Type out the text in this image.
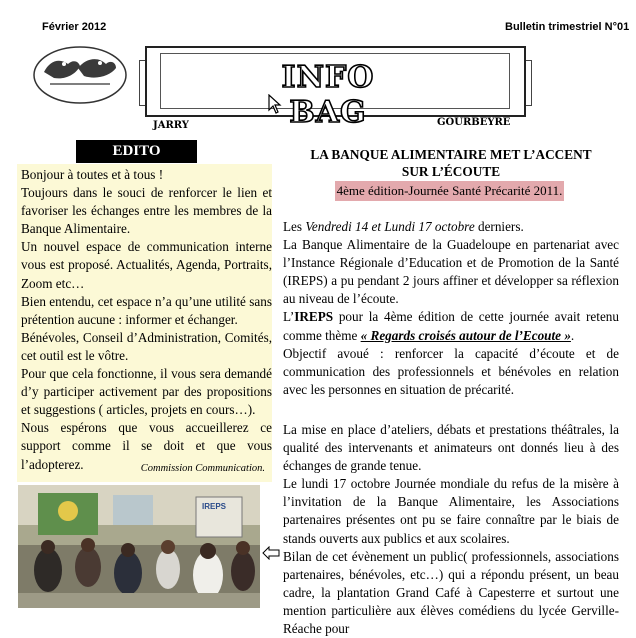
Février 2012	Bulletin trimestriel N°01
INFO BAG
JARRY	GOURBEYRE
EDITO

Bonjour à toutes et à tous !

Toujours dans le souci de renforcer le lien et favoriser les échanges entre les membres de la Banque Alimentaire.

Un nouvel espace de communication interne vous est proposé. Actualités, Agenda, Portraits, Zoom etc…

Bien entendu, cet espace n’a qu’une utilité sans prétention aucune : informer et échanger.

Bénévoles, Conseil d’Administration, Comités, cet outil est le vôtre.

Pour que cela fonctionne, il vous sera demandé d’y participer activement par des propositions et suggestions ( articles, projets en cours…).

Nous espérons que vous accueillerez ce support comme il se doit et que vous l’adopterez.	Commission Communication.
IREPS
LA BANQUE ALIMENTAIRE MET L’ACCENT
SUR L’ÉCOUTE
4ème édition-Journée Santé Précarité 2011.

Les Vendredi 14 et Lundi 17 octobre derniers.

La Banque Alimentaire de la Guadeloupe en partenariat avec l’Instance Régionale d’Education et de Promotion de la Santé (IREPS) a pu pendant 2 jours affiner et développer sa réflexion au niveau de l’écoute.

L’IREPS pour la 4ème édition de cette journée avait retenu comme thème « Regards croisés autour de l’Ecoute ».

Objectif avoué : renforcer la capacité d’écoute et de communication des professionnels et bénévoles en relation avec les personnes en situation de précarité.

La mise en place d’ateliers, débats et prestations théâtrales, la qualité des intervenants et animateurs ont donnés lieu à des échanges de grande tenue.

Le lundi 17 octobre Journée mondiale du refus de la misère à l’invitation de la Banque Alimentaire, les Associations partenaires présentes ont pu se faire connaître par le biais de stands ouverts aux publics et aux scolaires.

Bilan de cet évènement un public( professionnels, associations partenaires, bénévoles, etc…) qui a répondu présent, un beau cadre, la plantation Grand Café à Capesterre et surtout une mention particulière aux élèves comédiens du lycée Gerville-Réache pour
